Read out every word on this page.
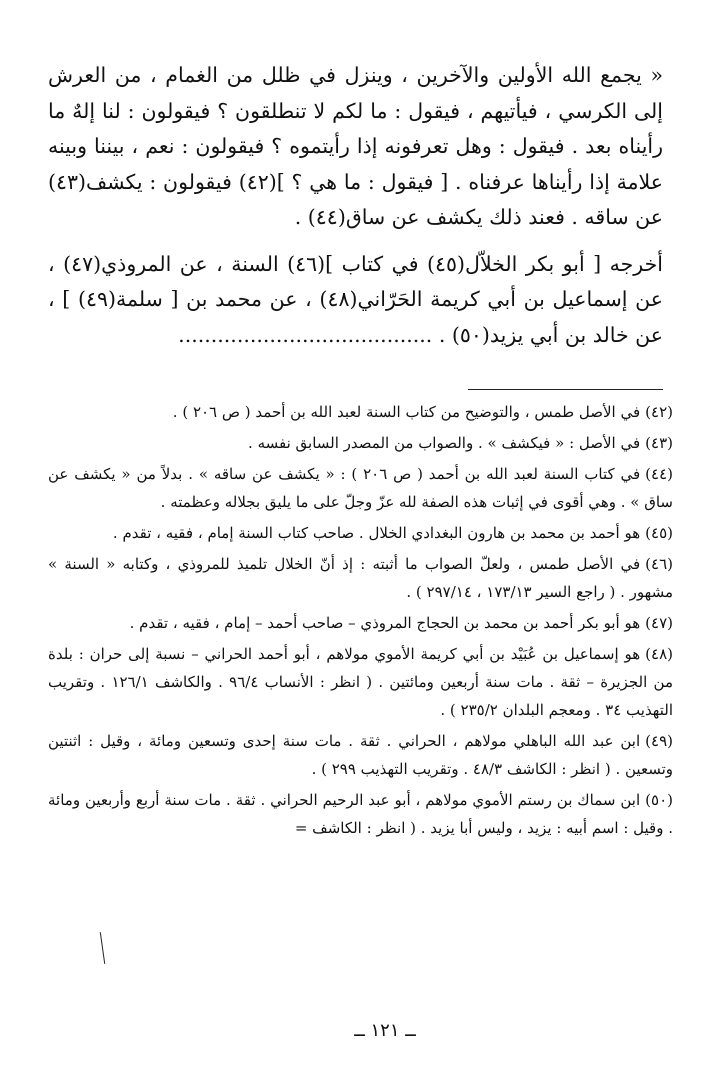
« يجمع الله الأولين والآخرين ، وينزل في ظلل من الغمام ، من العرش إلى الكرسي ، فيأتيهم ، فيقول : ما لكم لا تنطلقون ؟ فيقولون : لنا إلهٌ ما رأيناه بعد . فيقول : وهل تعرفونه إذا رأيتموه ؟ فيقولون : نعم ، بيننا وبينه علامة إذا رأيناها عرفناه . [ فيقول : ما هي ؟ ](٤٢) فيقولون : يكشف(٤٣) عن ساقه . فعند ذلك يكشف عن ساق(٤٤) .

أخرجه [ أبو بكر الخلاّل(٤٥) في كتاب ](٤٦) السنة ، عن المروذي(٤٧) ، عن إسماعيل بن أبي كريمة الحَرّاني(٤٨) ، عن محمد بن [ سلمة(٤٩) ] ، عن خالد بن أبي يزيد(٥٠) . .......................................

(٤٢)في الأصل طمس ، والتوضيح من كتاب السنة لعبد الله بن أحمد ( ص ٢٠٦ ) .

(٤٣)في الأصل : « فيكشف » . والصواب من المصدر السابق نفسه .

(٤٤)في كتاب السنة لعبد الله بن أحمد ( ص ٢٠٦ ) : « يكشف عن ساقه » . بدلاً من « يكشف عن ساق » . وهي أقوى في إثبات هذه الصفة لله عزّ وجلّ على ما يليق بجلاله وعظمته .

(٤٥)هو أحمد بن محمد بن هارون البغدادي الخلال . صاحب كتاب السنة إمام ، فقيه ، تقدم .

(٤٦)في الأصل طمس ، ولعلّ الصواب ما أثبته : إذ أنّ الخلال تلميذ للمروذي ، وكتابه « السنة » مشهور . ( راجع السير ١٧٣/١٣ ، ٢٩٧/١٤ ) .

(٤٧)هو أبو بكر أحمد بن محمد بن الحجاج المروذي – صاحب أحمد – إمام ، فقيه ، تقدم .

(٤٨)هو إسماعيل بن عُبَيْد بن أبي كريمة الأموي مولاهم ، أبو أحمد الحراني – نسبة إلى حران : بلدة من الجزيرة – ثقة . مات سنة أربعين ومائتين . ( انظر : الأنساب ٩٦/٤ . والكاشف ١٢٦/١ . وتقريب التهذيب ٣٤ . ومعجم البلدان ٢٣٥/٢ ) .

(٤٩)ابن عبد الله الباهلي مولاهم ، الحراني . ثقة . مات سنة إحدى وتسعين ومائة ، وقيل : اثنتين وتسعين . ( انظر : الكاشف ٤٨/٣ . وتقريب التهذيب ٢٩٩ ) .

(٥٠)ابن سماك بن رستم الأموي مولاهم ، أبو عبد الرحيم الحراني . ثقة . مات سنة أربع وأربعين ومائة . وقيل : اسم أبيه : يزيد ، وليس أبا يزيد . ( انظر : الكاشف =

ــ ١٢١ ــ
